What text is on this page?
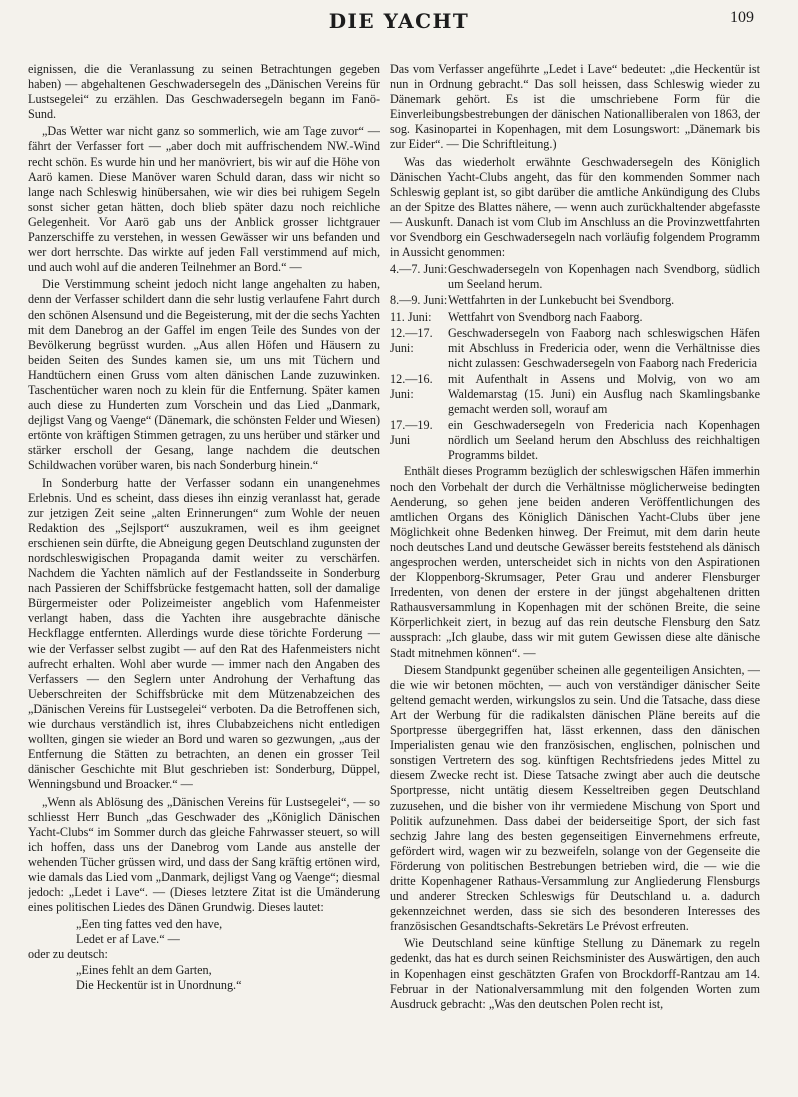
DIE YACHT	109

eignissen, die die Veranlassung zu seinen Betrachtungen gegeben haben) — abgehaltenen Geschwadersegeln des „Dänischen Vereins für Lustsegelei“ zu erzählen. Das Geschwadersegeln begann im Fanö-Sund.

„Das Wetter war nicht ganz so sommerlich, wie am Tage zuvor“ — fährt der Verfasser fort — „aber doch mit auffrischendem NW.-Wind recht schön. Es wurde hin und her manövriert, bis wir auf die Höhe von Aarö kamen. Diese Manöver waren Schuld daran, dass wir nicht so lange nach Schleswig hinübersahen, wie wir dies bei ruhigem Segeln sonst sicher getan hätten, doch blieb später dazu noch reichliche Gelegenheit. Vor Aarö gab uns der Anblick grosser lichtgrauer Panzerschiffe zu verstehen, in wessen Gewässer wir uns befanden und wer dort herrschte. Das wirkte auf jeden Fall verstimmend auf mich, und auch wohl auf die anderen Teilnehmer an Bord.“ —

Die Verstimmung scheint jedoch nicht lange angehalten zu haben, denn der Verfasser schildert dann die sehr lustig verlaufene Fahrt durch den schönen Alsensund und die Begeisterung, mit der die sechs Yachten mit dem Danebrog an der Gaffel im engen Teile des Sundes von der Bevölkerung begrüsst wurden. „Aus allen Höfen und Häusern zu beiden Seiten des Sundes kamen sie, um uns mit Tüchern und Handtüchern einen Gruss vom alten dänischen Lande zuzuwinken. Taschentücher waren noch zu klein für die Entfernung. Später kamen auch diese zu Hunderten zum Vorschein und das Lied „Danmark, dejligst Vang og Vaenge“ (Dänemark, die schönsten Felder und Wiesen) ertönte von kräftigen Stimmen getragen, zu uns herüber und stärker und stärker erscholl der Gesang, lange nachdem die deutschen Schildwachen vorüber waren, bis nach Sonderburg hinein.“

In Sonderburg hatte der Verfasser sodann ein unangenehmes Erlebnis. Und es scheint, dass dieses ihn einzig veranlasst hat, gerade zur jetzigen Zeit seine „alten Erinnerungen“ zum Wohle der neuen Redaktion des „Sejlsport“ auszukramen, weil es ihm geeignet erschienen sein dürfte, die Abneigung gegen Deutschland zugunsten der nordschleswigischen Propaganda damit weiter zu verschärfen. Nachdem die Yachten nämlich auf der Festlandsseite in Sonderburg nach Passieren der Schiffsbrücke festgemacht hatten, soll der damalige Bürgermeister oder Polizeimeister angeblich vom Hafenmeister verlangt haben, dass die Yachten ihre ausgebrachte dänische Heckflagge entfernten. Allerdings wurde diese törichte Forderung — wie der Verfasser selbst zugibt — auf den Rat des Hafenmeisters nicht aufrecht erhalten. Wohl aber wurde — immer nach den Angaben des Verfassers — den Seglern unter Androhung der Verhaftung das Ueberschreiten der Schiffsbrücke mit dem Mützenabzeichen des „Dänischen Vereins für Lustsegelei“ verboten. Da die Betroffenen sich, wie durchaus verständlich ist, ihres Clubabzeichens nicht entledigen wollten, gingen sie wieder an Bord und waren so gezwungen, „aus der Entfernung die Stätten zu betrachten, an denen ein grosser Teil dänischer Geschichte mit Blut geschrieben ist: Sonderburg, Düppel, Wenningsbund und Broacker.“ —

„Wenn als Ablösung des „Dänischen Vereins für Lustsegelei“, — so schliesst Herr Bunch „das Geschwader des „Königlich Dänischen Yacht-Clubs“ im Sommer durch das gleiche Fahrwasser steuert, so will ich hoffen, dass uns der Danebrog vom Lande aus anstelle der wehenden Tücher grüssen wird, und dass der Sang kräftig ertönen wird, wie damals das Lied vom „Danmark, dejligst Vang og Vaenge“; diesmal jedoch: „Ledet i Lave“. — (Dieses letztere Zitat ist die Umänderung eines politischen Liedes des Dänen Grundwig. Dieses lautet:

„Een ting fattes ved den have,
Ledet er af Lave.“ —
oder zu deutsch:
„Eines fehlt an dem Garten,
Die Heckentür ist in Unordnung.“

Das vom Verfasser angeführte „Ledet i Lave“ bedeutet: „die Heckentür ist nun in Ordnung gebracht.“ Das soll heissen, dass Schleswig wieder zu Dänemark gehört. Es ist die umschriebene Form für die Einverleibungsbestrebungen der dänischen Nationalliberalen von 1863, der sog. Kasinopartei in Kopenhagen, mit dem Losungswort: „Dänemark bis zur Eider“. — Die Schriftleitung.)

Was das wiederholt erwähnte Geschwadersegeln des Königlich Dänischen Yacht-Clubs angeht, das für den kommenden Sommer nach Schleswig geplant ist, so gibt darüber die amtliche Ankündigung des Clubs an der Spitze des Blattes nähere, — wenn auch zurückhaltender abgefasste — Auskunft. Danach ist vom Club im Anschluss an die Provinzwettfahrten vor Svendborg ein Geschwadersegeln nach vorläufig folgendem Programm in Aussicht genommen:

4.—7. Juni: Geschwadersegeln von Kopenhagen nach Svendborg, südlich um Seeland herum.
8.—9. Juni: Wettfahrten in der Lunkebucht bei Svendborg.
11. Juni:	Wettfahrt von Svendborg nach Faaborg.
12.—17. Juni:
Geschwadersegeln von Faaborg nach schleswigschen Häfen mit Abschluss in Fredericia oder, wenn die Verhältnisse dies nicht zulassen: Geschwadersegeln von Faaborg nach Fredericia
12.—16. Juni:
mit Aufenthalt in Assens und Molvig, von wo am Waldemarstag (15. Juni) ein Ausflug nach Skamlingsbanke gemacht werden soll, worauf am
17.—19. Juni
ein Geschwadersegeln von Fredericia nach Kopenhagen nördlich um Seeland herum den Abschluss des reichhaltigen Programms bildet.

Enthält dieses Programm bezüglich der schleswigschen Häfen immerhin noch den Vorbehalt der durch die Verhältnisse möglicherweise bedingten Aenderung, so gehen jene beiden anderen Veröffentlichungen des amtlichen Organs des Königlich Dänischen Yacht-Clubs über jene Möglichkeit ohne Bedenken hinweg. Der Freimut, mit dem darin heute noch deutsches Land und deutsche Gewässer bereits feststehend als dänisch angesprochen werden, unterscheidet sich in nichts von den Aspirationen der Kloppenborg-Skrumsager, Peter Grau und anderer Flensburger Irredenten, von denen der erstere in der jüngst abgehaltenen dritten Rathausversammlung in Kopenhagen mit der schönen Breite, die seine Körperlichkeit ziert, in bezug auf das rein deutsche Flensburg den Satz aussprach: „Ich glaube, dass wir mit gutem Gewissen diese alte dänische Stadt mitnehmen können“. —

Diesem Standpunkt gegenüber scheinen alle gegenteiligen Ansichten, — die wie wir betonen möchten, — auch von verständiger dänischer Seite geltend gemacht werden, wirkungslos zu sein. Und die Tatsache, dass diese Art der Werbung für die radikalsten dänischen Pläne bereits auf die Sportpresse übergegriffen hat, lässt erkennen, dass den dänischen Imperialisten genau wie den französischen, englischen, polnischen und sonstigen Vertretern des sog. künftigen Rechtsfriedens jedes Mittel zu diesem Zwecke recht ist. Diese Tatsache zwingt aber auch die deutsche Sportpresse, nicht untätig diesem Kesseltreiben gegen Deutschland zuzusehen, und die bisher von ihr vermiedene Mischung von Sport und Politik aufzunehmen. Dass dabei der beiderseitige Sport, der sich fast sechzig Jahre lang des besten gegenseitigen Einvernehmens erfreute, gefördert wird, wagen wir zu bezweifeln, solange von der Gegenseite die Förderung von politischen Bestrebungen betrieben wird, die — wie die dritte Kopenhagener Rathaus-Versammlung zur Angliederung Flensburgs und anderer Strecken Schleswigs für Deutschland u. a. dadurch gekennzeichnet werden, dass sie sich des besonderen Interesses des französischen Gesandtschafts-Sekretärs Le Prévost erfreuten.

Wie Deutschland seine künftige Stellung zu Dänemark zu regeln gedenkt, das hat es durch seinen Reichsminister des Auswärtigen, den auch in Kopenhagen einst geschätzten Grafen von Brockdorff-Rantzau am 14. Februar in der Nationalversammlung mit den folgenden Worten zum Ausdruck gebracht: „Was den deutschen Polen recht ist,
